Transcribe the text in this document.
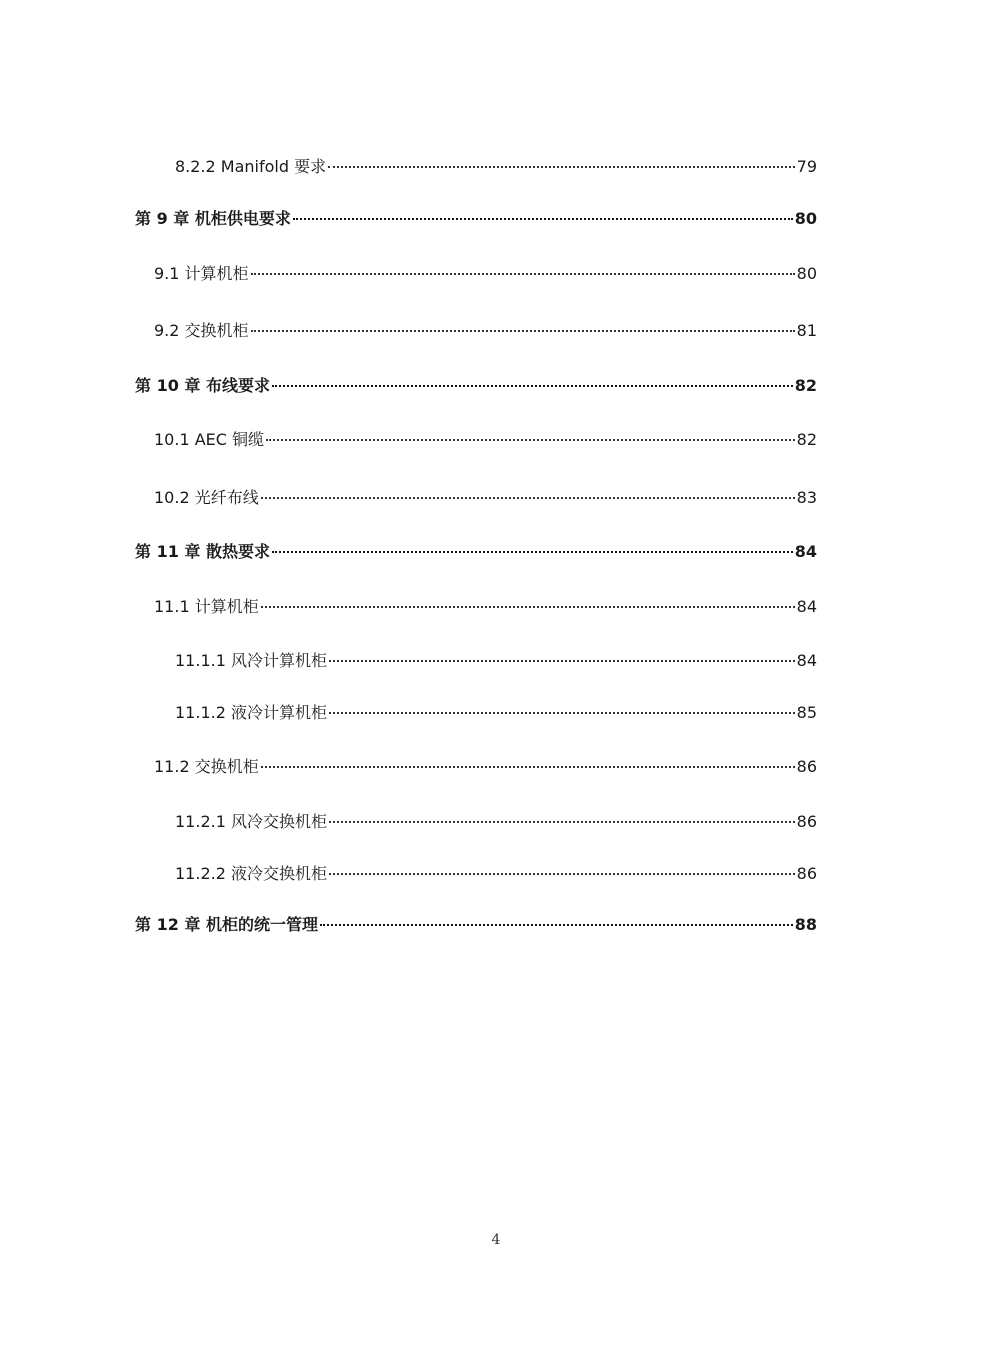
8.2.2 Manifold 要求	79
第 9 章 机柜供电要求	80
9.1 计算机柜	80
9.2 交换机柜	81
第 10 章 布线要求	82
10.1 AEC 铜缆	82
10.2 光纤布线	83
第 11 章 散热要求	84
11.1 计算机柜	84
11.1.1 风冷计算机柜	84
11.1.2 液冷计算机柜	85
11.2 交换机柜	86
11.2.1 风冷交换机柜	86
11.2.2 液冷交换机柜	86
第 12 章 机柜的统一管理	88
4
